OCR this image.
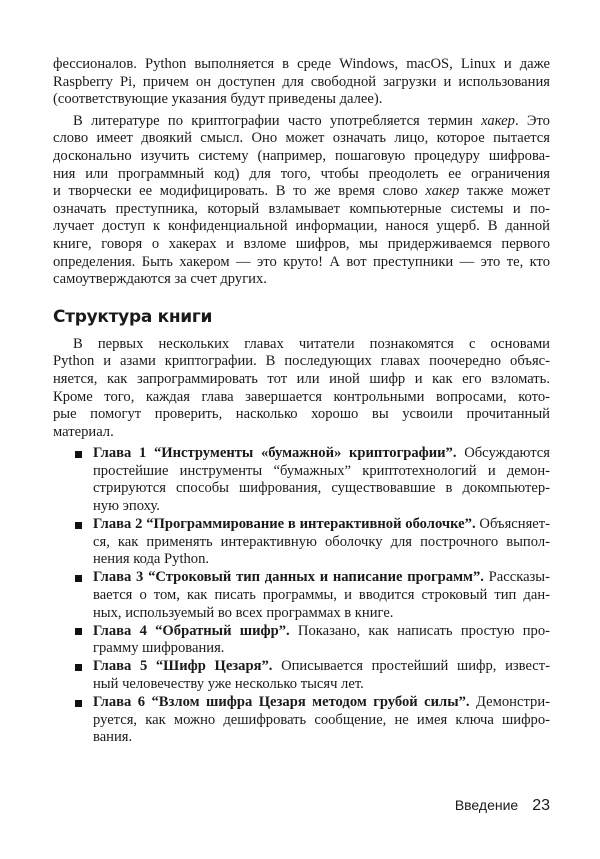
фессионалов. Python выполняется в среде Windows, macOS, Linux и даже
Raspberry Pi, причем он доступен для свободной загрузки и использования
(соответствующие указания будут приведены далее).
В литературе по криптографии часто употребляется термин хакер. Это
слово имеет двоякий смысл. Оно может означать лицо, которое пытается
досконально изучить систему (например, пошаговую процедуру шифрова-
ния или программный код) для того, чтобы преодолеть ее ограничения
и творчески ее модифицировать. В то же время слово хакер также может
означать преступника, который взламывает компьютерные системы и по-
лучает доступ к конфиденциальной информации, нанося ущерб. В данной
книге, говоря о хакерах и взломе шифров, мы придерживаемся первого
определения. Быть хакером — это круто! А вот преступники — это те, кто
самоутверждаются за счет других.
Структура книги
В первых нескольких главах читатели познакомятся с основами
Python и азами криптографии. В последующих главах поочередно объяс-
няется, как запрограммировать тот или иной шифр и как его взломать.
Кроме того, каждая глава завершается контрольными вопросами, кото-
рые помогут проверить, насколько хорошо вы усвоили прочитанный
материал.
Глава 1 “Инструменты «бумажной» криптографии”. Обсуждаются
простейшие инструменты “бумажных” криптотехнологий и демон-
стрируются способы шифрования, существовавшие в докомпьютер-
ную эпоху.
Глава 2 “Программирование в интерактивной оболочке”. Объясняет-
ся, как применять интерактивную оболочку для построчного выпол-
нения кода Python.
Глава 3 “Строковый тип данных и написание программ”. Рассказы-
вается о том, как писать программы, и вводится строковый тип дан-
ных, используемый во всех программах в книге.
Глава 4 “Обратный шифр”. Показано, как написать простую про-
грамму шифрования.
Глава 5 “Шифр Цезаря”. Описывается простейший шифр, извест-
ный человечеству уже несколько тысяч лет.
Глава 6 “Взлом шифра Цезаря методом грубой силы”. Демонстри-
руется, как можно дешифровать сообщение, не имея ключа шифро-
вания.
Введение 23
